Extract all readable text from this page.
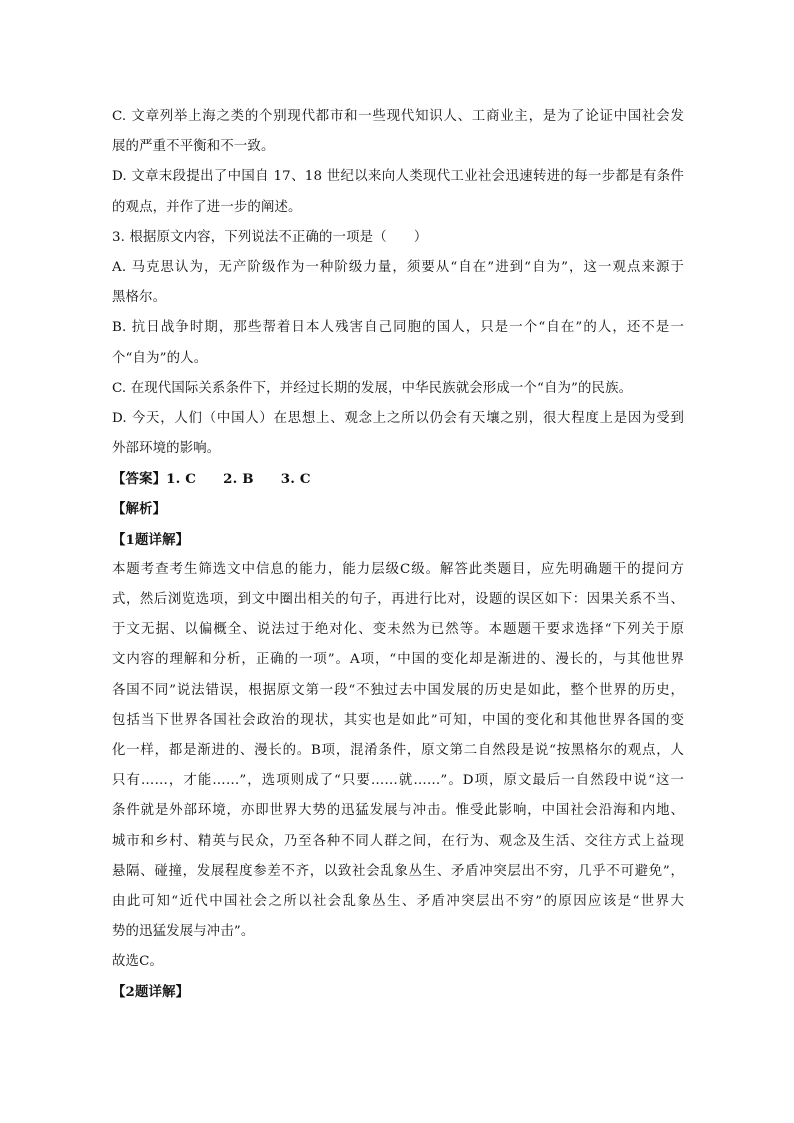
C. 文章列举上海之类的个别现代都市和一些现代知识人、工商业主，是为了论证中国社会发
展的严重不平衡和不一致。
D. 文章末段提出了中国自 17、18 世纪以来向人类现代工业社会迅速转进的每一步都是有条件
的观点，并作了进一步的阐述。
3. 根据原文内容，下列说法不正确的一项是（　　）
A. 马克思认为，无产阶级作为一种阶级力量，须要从“自在”进到“自为”，这一观点来源于
黑格尔。
B. 抗日战争时期，那些帮着日本人残害自己同胞的国人，只是一个“自在”的人，还不是一
个“自为”的人。
C. 在现代国际关系条件下，并经过长期的发展，中华民族就会形成一个“自为”的民族。
D. 今天，人们（中国人）在思想上、观念上之所以仍会有天壤之别，很大程度上是因为受到
外部环境的影响。
【答案】1. C　　2. B　　3. C
【解析】
【1题详解】
本题考查考生筛选文中信息的能力，能力层级C级。解答此类题目，应先明确题干的提问方
式，然后浏览选项，到文中圈出相关的句子，再进行比对，设题的误区如下：因果关系不当、
于文无据、以偏概全、说法过于绝对化、变未然为已然等。本题题干要求选择“下列关于原
文内容的理解和分析，正确的一项”。A项，“中国的变化却是渐进的、漫长的，与其他世界
各国不同”说法错误，根据原文第一段“不独过去中国发展的历史是如此，整个世界的历史，
包括当下世界各国社会政治的现状，其实也是如此”可知，中国的变化和其他世界各国的变
化一样，都是渐进的、漫长的。B项，混淆条件，原文第二自然段是说“按黑格尔的观点，人
只有……，才能……”，选项则成了“只要……就……”。D项，原文最后一自然段中说“这一
条件就是外部环境，亦即世界大势的迅猛发展与冲击。惟受此影响，中国社会沿海和内地、
城市和乡村、精英与民众，乃至各种不同人群之间，在行为、观念及生活、交往方式上益现
悬隔、碰撞，发展程度参差不齐，以致社会乱象丛生、矛盾冲突层出不穷，几乎不可避免”，
由此可知“近代中国社会之所以社会乱象丛生、矛盾冲突层出不穷”的原因应该是“世界大
势的迅猛发展与冲击”。
故选C。
【2题详解】
